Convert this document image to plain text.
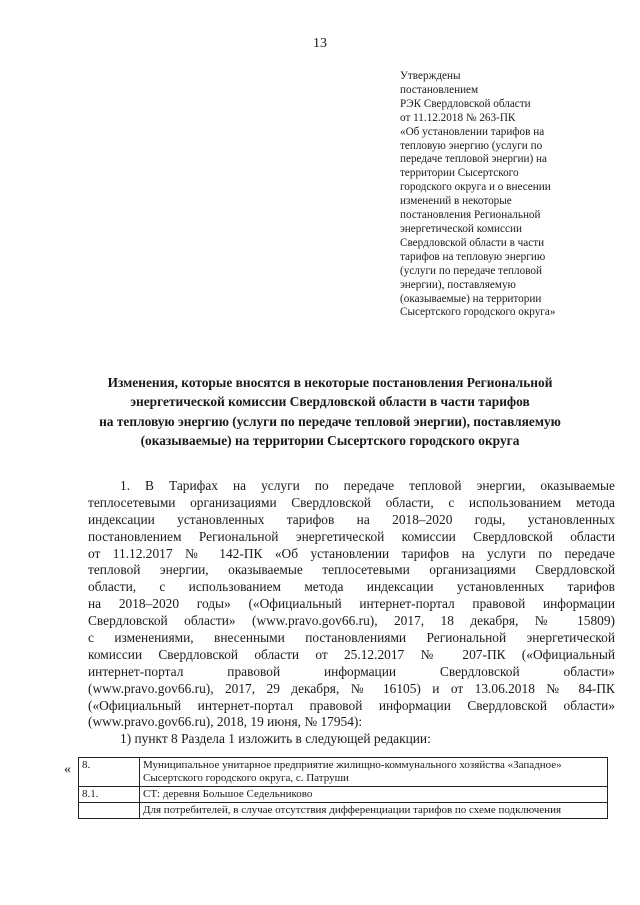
13
Утверждены
постановлением
РЭК Свердловской области
от 11.12.2018 № 263-ПК
«Об установлении тарифов на
тепловую энергию (услуги по
передаче тепловой энергии) на
территории Сысертского
городского округа и о внесении
изменений в некоторые
постановления Региональной
энергетической комиссии
Свердловской области в части
тарифов на тепловую энергию
(услуги по передаче тепловой
энергии), поставляемую
(оказываемые) на территории
Сысертского городского округа»
Изменения, которые вносятся в некоторые постановления Региональной
энергетической комиссии Свердловской области в части тарифов
на тепловую энергию (услуги по передаче тепловой энергии), поставляемую
(оказываемые) на территории Сысертского городского округа
1. В Тарифах на услуги по передаче тепловой энергии, оказываемые
теплосетевыми организациями Свердловской области, с использованием метода
индексации установленных тарифов на 2018–2020 годы, установленных
постановлением Региональной энергетической комиссии Свердловской области
от 11.12.2017 № 142-ПК «Об установлении тарифов на услуги по передаче
тепловой энергии, оказываемые теплосетевыми организациями Свердловской
области, с использованием метода индексации установленных тарифов
на 2018–2020 годы» («Официальный интернет-портал правовой информации
Свердловской области» (www.pravo.gov66.ru), 2017, 18 декабря, № 15809)
с изменениями, внесенными постановлениями Региональной энергетической
комиссии Свердловской области от 25.12.2017 № 207-ПК («Официальный
интернет-портал правовой информации Свердловской области»
(www.pravo.gov66.ru), 2017, 29 декабря, № 16105) и от 13.06.2018 № 84-ПК
(«Официальный интернет-портал правовой информации Свердловской области»
(www.pravo.gov66.ru), 2018, 19 июня, № 17954):
1) пункт 8 Раздела 1 изложить в следующей редакции:
« 8.	Муниципальное унитарное предприятие жилищно-коммунального хозяйства «Западное» Сысертского городского округа, с. Патруши
8.1.	СТ: деревня Большое Седельниково
	Для потребителей, в случае отсутствия дифференциации тарифов по схеме подключения
